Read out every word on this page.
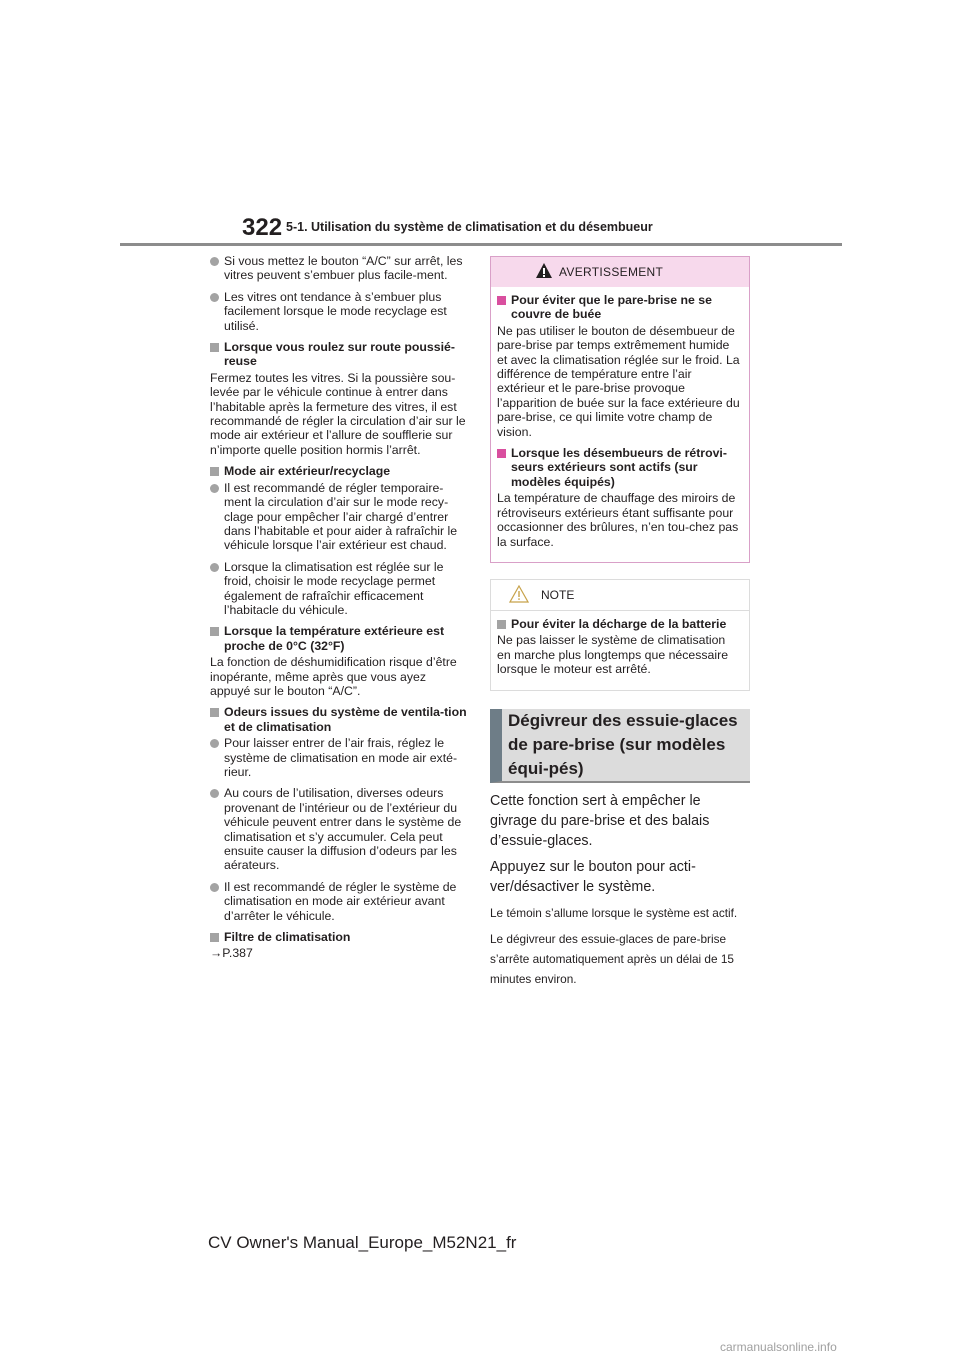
322 5-1. Utilisation du système de climatisation et du désembueur
Si vous mettez le bouton “A/C” sur arrêt, les vitres peuvent s’embuer plus facile-ment.
Les vitres ont tendance à s’embuer plus facilement lorsque le mode recyclage est utilisé.
Lorsque vous roulez sur route poussié-reuse
Fermez toutes les vitres. Si la poussière sou-levée par le véhicule continue à entrer dans l’habitable après la fermeture des vitres, il est recommandé de régler la circulation d’air sur le mode air extérieur et l’allure de soufflerie sur n’importe quelle position hormis l’arrêt.
Mode air extérieur/recyclage
Il est recommandé de régler temporaire-ment la circulation d’air sur le mode recy-clage pour empêcher l’air chargé d’entrer dans l’habitable et pour aider à rafraîchir le véhicule lorsque l’air extérieur est chaud.
Lorsque la climatisation est réglée sur le froid, choisir le mode recyclage permet également de rafraîchir efficacement l’habitacle du véhicule.
Lorsque la température extérieure est proche de 0°C (32°F)
La fonction de déshumidification risque d’être inopérante, même après que vous ayez appuyé sur le bouton “A/C”.
Odeurs issues du système de ventila-tion et de climatisation
Pour laisser entrer de l’air frais, réglez le système de climatisation en mode air exté-rieur.
Au cours de l’utilisation, diverses odeurs provenant de l’intérieur ou de l’extérieur du véhicule peuvent entrer dans le système de climatisation et s’y accumuler. Cela peut ensuite causer la diffusion d’odeurs par les aérateurs.
Il est recommandé de régler le système de climatisation en mode air extérieur avant d’arrêter le véhicule.
Filtre de climatisation
→P.387
AVERTISSEMENT
Pour éviter que le pare-brise ne se couvre de buée
Ne pas utiliser le bouton de désembueur de pare-brise par temps extrêmement humide et avec la climatisation réglée sur le froid. La différence de température entre l’air extérieur et le pare-brise provoque l’apparition de buée sur la face extérieure du pare-brise, ce qui limite votre champ de vision.
Lorsque les désembueurs de rétrovi-seurs extérieurs sont actifs (sur modèles équipés)
La température de chauffage des miroirs de rétroviseurs extérieurs étant suffisante pour occasionner des brûlures, n’en tou-chez pas la surface.
NOTE
Pour éviter la décharge de la batterie
Ne pas laisser le système de climatisation en marche plus longtemps que nécessaire lorsque le moteur est arrêté.
Dégivreur des essuie-glaces de pare-brise (sur modèles équi-pés)
Cette fonction sert à empêcher le givrage du pare-brise et des balais d’essuie-glaces.
Appuyez sur le bouton pour acti-ver/désactiver le système.
Le témoin s’allume lorsque le système est actif.
Le dégivreur des essuie-glaces de pare-brise s’arrête automatiquement après un délai de 15 minutes environ.
CV Owner's Manual_Europe_M52N21_fr
carmanualsonline.info
